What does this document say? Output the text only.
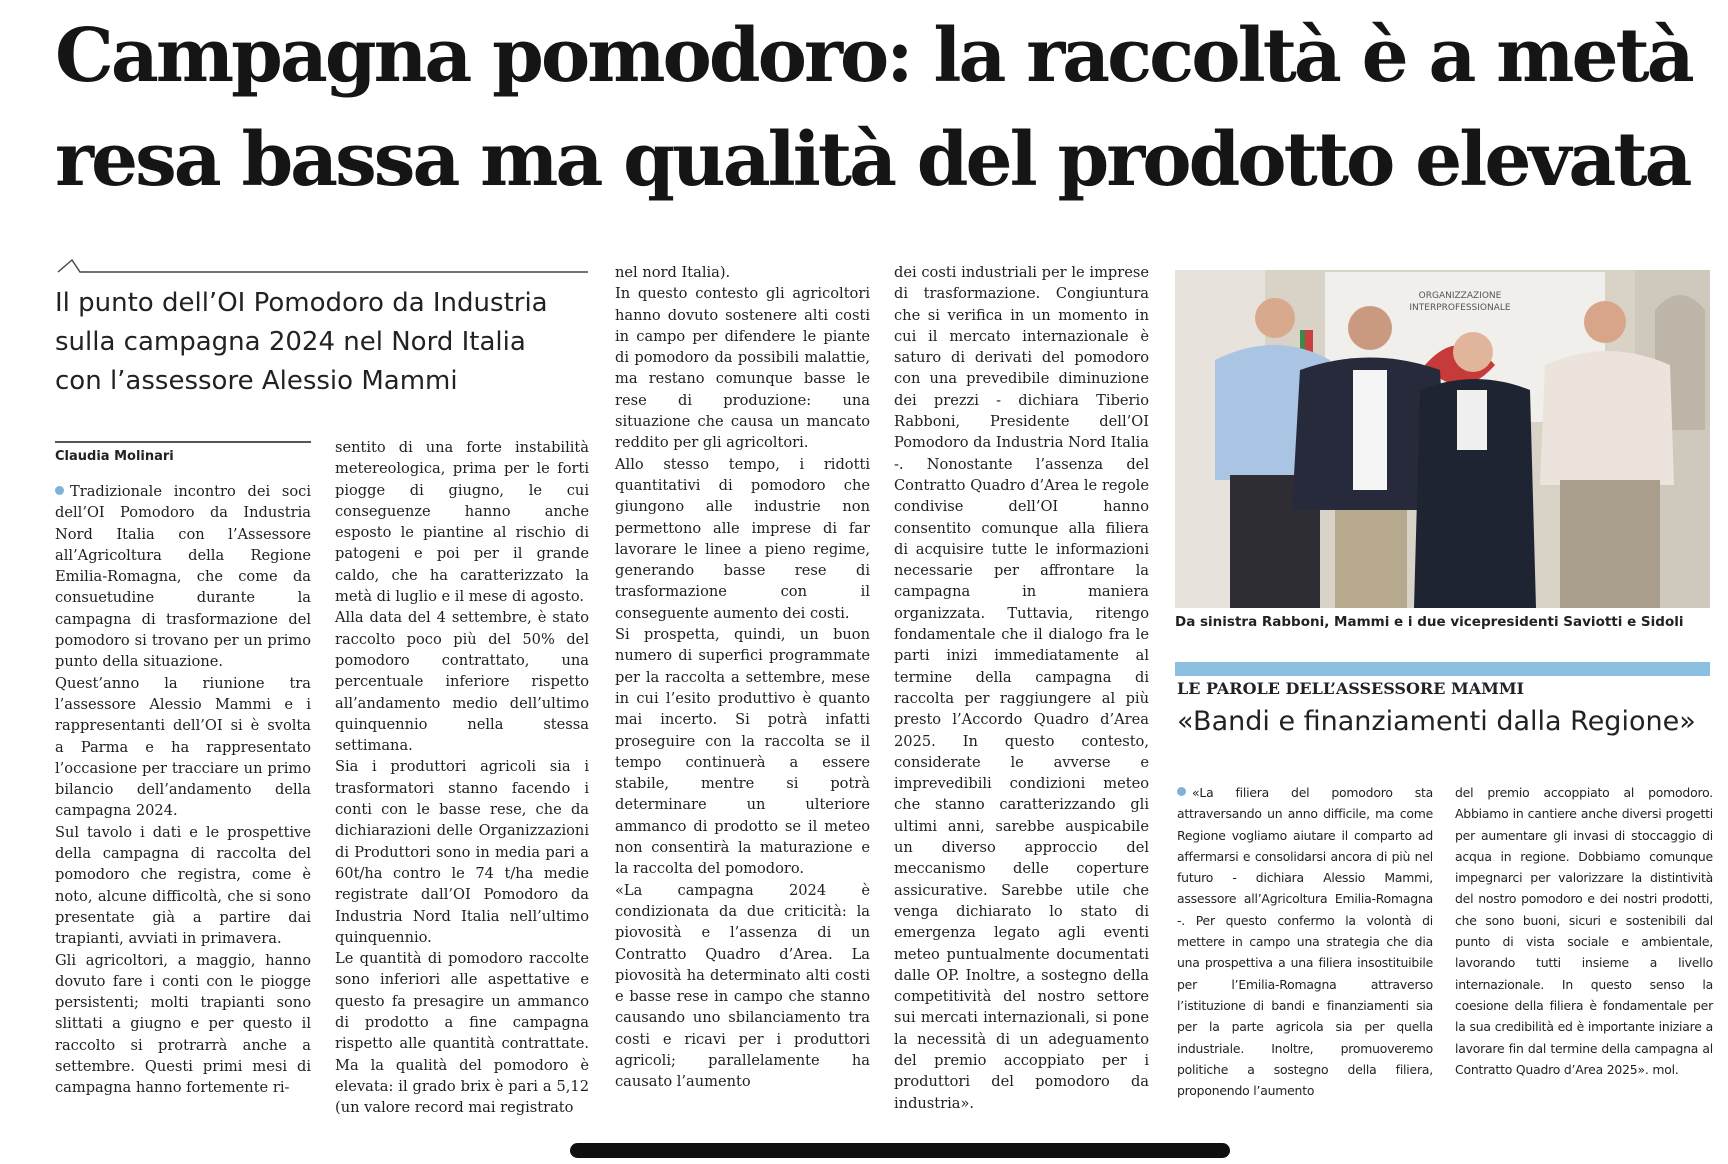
Campagna pomodoro: la raccoltà è a metà
resa bassa ma qualità del prodotto elevata
Il punto dell’OI Pomodoro da Industria
sulla campagna 2024 nel Nord Italia
con l’assessore Alessio Mammi
Claudia Molinari
Tradizionale incontro dei soci dell’OI Pomodoro da Industria Nord Italia con l’Assessore all’Agricoltura della Regione Emilia-Romagna, che come da consuetudine durante la campagna di trasformazione del pomodoro si trovano per un primo punto della situazione.
Quest’anno la riunione tra l’assessore Alessio Mammi e i rappresentanti dell’OI si è svolta a Parma e ha rappresentato l’occasione per tracciare un primo bilancio dell’andamento della campagna 2024.
Sul tavolo i dati e le prospettive della campagna di raccolta del pomodoro che registra, come è noto, alcune difficoltà, che si sono presentate già a partire dai trapianti, avviati in primavera.
Gli agricoltori, a maggio, hanno dovuto fare i conti con le piogge persistenti; molti trapianti sono slittati a giugno e per questo il raccolto si protrarrà anche a settembre. Questi primi mesi di campagna hanno fortemente ri-
sentito di una forte instabilità metereologica, prima per le forti piogge di giugno, le cui conseguenze hanno anche esposto le piantine al rischio di patogeni e poi per il grande caldo, che ha caratterizzato la metà di luglio e il mese di agosto.
Alla data del 4 settembre, è stato raccolto poco più del 50% del pomodoro contrattato, una percentuale inferiore rispetto all’andamento medio dell’ultimo quinquennio nella stessa settimana.
Sia i produttori agricoli sia i trasformatori stanno facendo i conti con le basse rese, che da dichiarazioni delle Organizzazioni di Produttori sono in media pari a 60t/ha contro le 74 t/ha medie registrate dall’OI Pomodoro da Industria Nord Italia nell’ultimo quinquennio.
Le quantità di pomodoro raccolte sono inferiori alle aspettative e questo fa presagire un ammanco di prodotto a fine campagna rispetto alle quantità contrattate. Ma la qualità del pomodoro è elevata: il grado brix è pari a 5,12 (un valore record mai registrato
nel nord Italia).
In questo contesto gli agricoltori hanno dovuto sostenere alti costi in campo per difendere le piante di pomodoro da possibili malattie, ma restano comunque basse le rese di produzione: una situazione che causa un mancato reddito per gli agricoltori.
Allo stesso tempo, i ridotti quantitativi di pomodoro che giungono alle industrie non permettono alle imprese di far lavorare le linee a pieno regime, generando basse rese di trasformazione con il conseguente aumento dei costi.
Si prospetta, quindi, un buon numero di superfici programmate per la raccolta a settembre, mese in cui l’esito produttivo è quanto mai incerto. Si potrà infatti proseguire con la raccolta se il tempo continuerà a essere stabile, mentre si potrà determinare un ulteriore ammanco di prodotto se il meteo non consentirà la maturazione e la raccolta del pomodoro.
«La campagna 2024 è condizionata da due criticità: la piovosità e l’assenza di un Contratto Quadro d’Area. La piovosità ha determinato alti costi e basse rese in campo che stanno causando uno sbilanciamento tra costi e ricavi per i produttori agricoli; parallelamente ha causato l’aumento
dei costi industriali per le imprese di trasformazione. Congiuntura che si verifica in un momento in cui il mercato internazionale è saturo di derivati del pomodoro con una prevedibile diminuzione dei prezzi - dichiara Tiberio Rabboni, Presidente dell’OI Pomodoro da Industria Nord Italia -. Nonostante l’assenza del Contratto Quadro d’Area le regole condivise dell’OI hanno consentito comunque alla filiera di acquisire tutte le informazioni necessarie per affrontare la campagna in maniera organizzata. Tuttavia, ritengo fondamentale che il dialogo fra le parti inizi immediatamente al termine della campagna di raccolta per raggiungere al più presto l’Accordo Quadro d’Area 2025. In questo contesto, considerate le avverse e imprevedibili condizioni meteo che stanno caratterizzando gli ultimi anni, sarebbe auspicabile un diverso approccio del meccanismo delle coperture assicurative. Sarebbe utile che venga dichiarato lo stato di emergenza legato agli eventi meteo puntualmente documentati dalle OP. Inoltre, a sostegno della competitività del nostro settore sui mercati internazionali, si pone la necessità di un adeguamento del premio accoppiato per i produttori del pomodoro da industria».
ORGANIZZAZIONE
INTERPROFESSIONALE
Da sinistra Rabboni, Mammi e i due vicepresidenti Saviotti e Sidoli
LE PAROLE DELL’ASSESSORE MAMMI
«Bandi e finanziamenti dalla Regione»
«La filiera del pomodoro sta attraversando un anno difficile, ma come Regione vogliamo aiutare il comparto ad affermarsi e consolidarsi ancora di più nel futuro - dichiara Alessio Mammi, assessore all’Agricoltura Emilia-Romagna -. Per questo confermo la volontà di mettere in campo una strategia che dia una prospettiva a una filiera insostituibile per l’Emilia-Romagna attraverso l’istituzione di bandi e finanziamenti sia per la parte agricola sia per quella industriale. Inoltre, promuoveremo politiche a sostegno della filiera, proponendo l’aumento
del premio accoppiato al pomodoro. Abbiamo in cantiere anche diversi progetti per aumentare gli invasi di stoccaggio di acqua in regione. Dobbiamo comunque impegnarci per valorizzare la distintività del nostro pomodoro e dei nostri prodotti, che sono buoni, sicuri e sostenibili dal punto di vista sociale e ambientale, lavorando tutti insieme a livello internazionale. In questo senso la coesione della filiera è fondamentale per la sua credibilità ed è importante iniziare a lavorare fin dal termine della campagna al Contratto Quadro d’Area 2025». mol.
